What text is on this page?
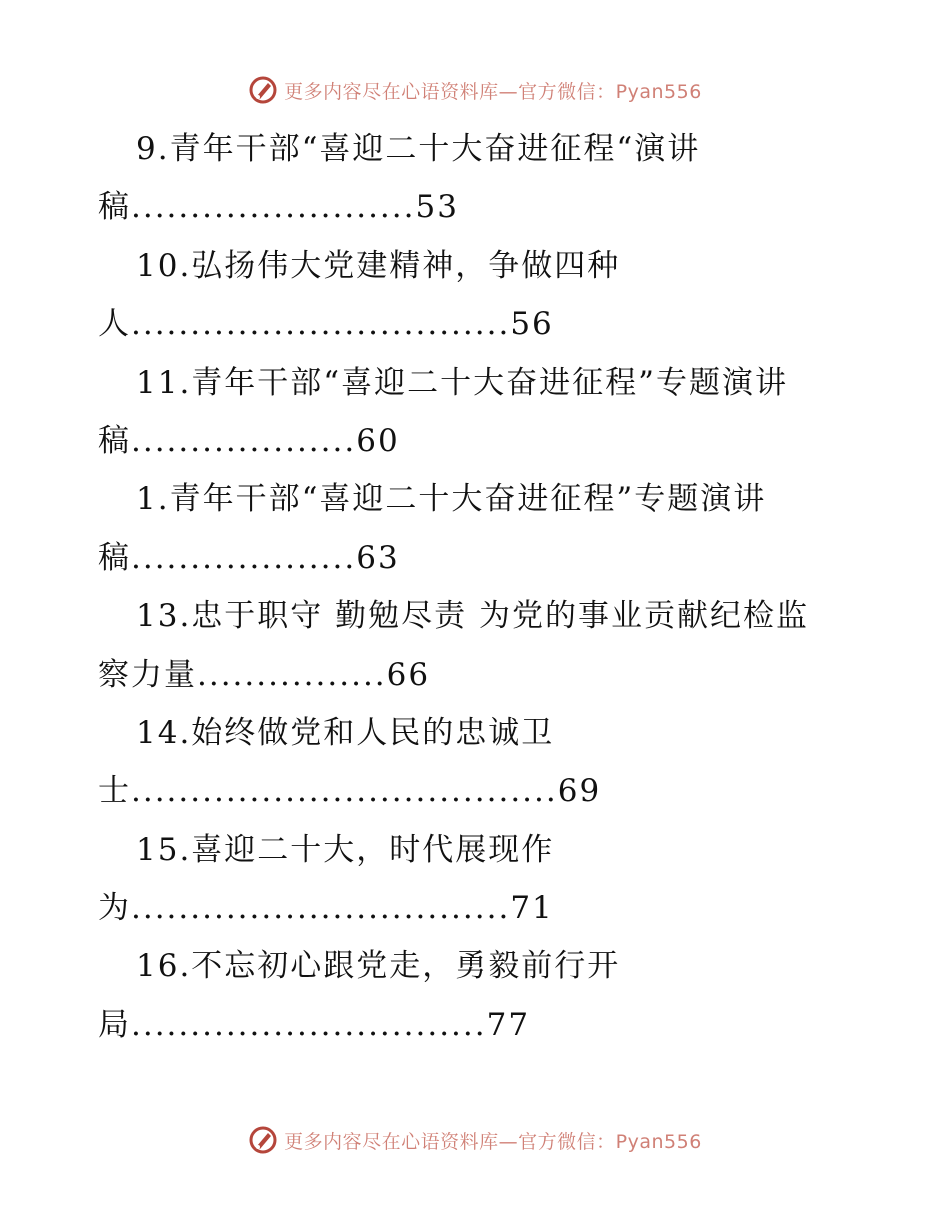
更多内容尽在心语资料库—官方微信：Pyan556
9.青年干部“喜迎二十大奋进征程“演讲
稿........................53
10.弘扬伟大党建精神，争做四种
人................................56
11.青年干部“喜迎二十大奋进征程”专题演讲
稿...................60
1.青年干部“喜迎二十大奋进征程”专题演讲
稿...................63
13.忠于职守 勤勉尽责 为党的事业贡献纪检监
察力量................66
14.始终做党和人民的忠诚卫
士....................................69
15.喜迎二十大，时代展现作
为................................71
16.不忘初心跟党走，勇毅前行开
局..............................77
更多内容尽在心语资料库—官方微信：Pyan556
